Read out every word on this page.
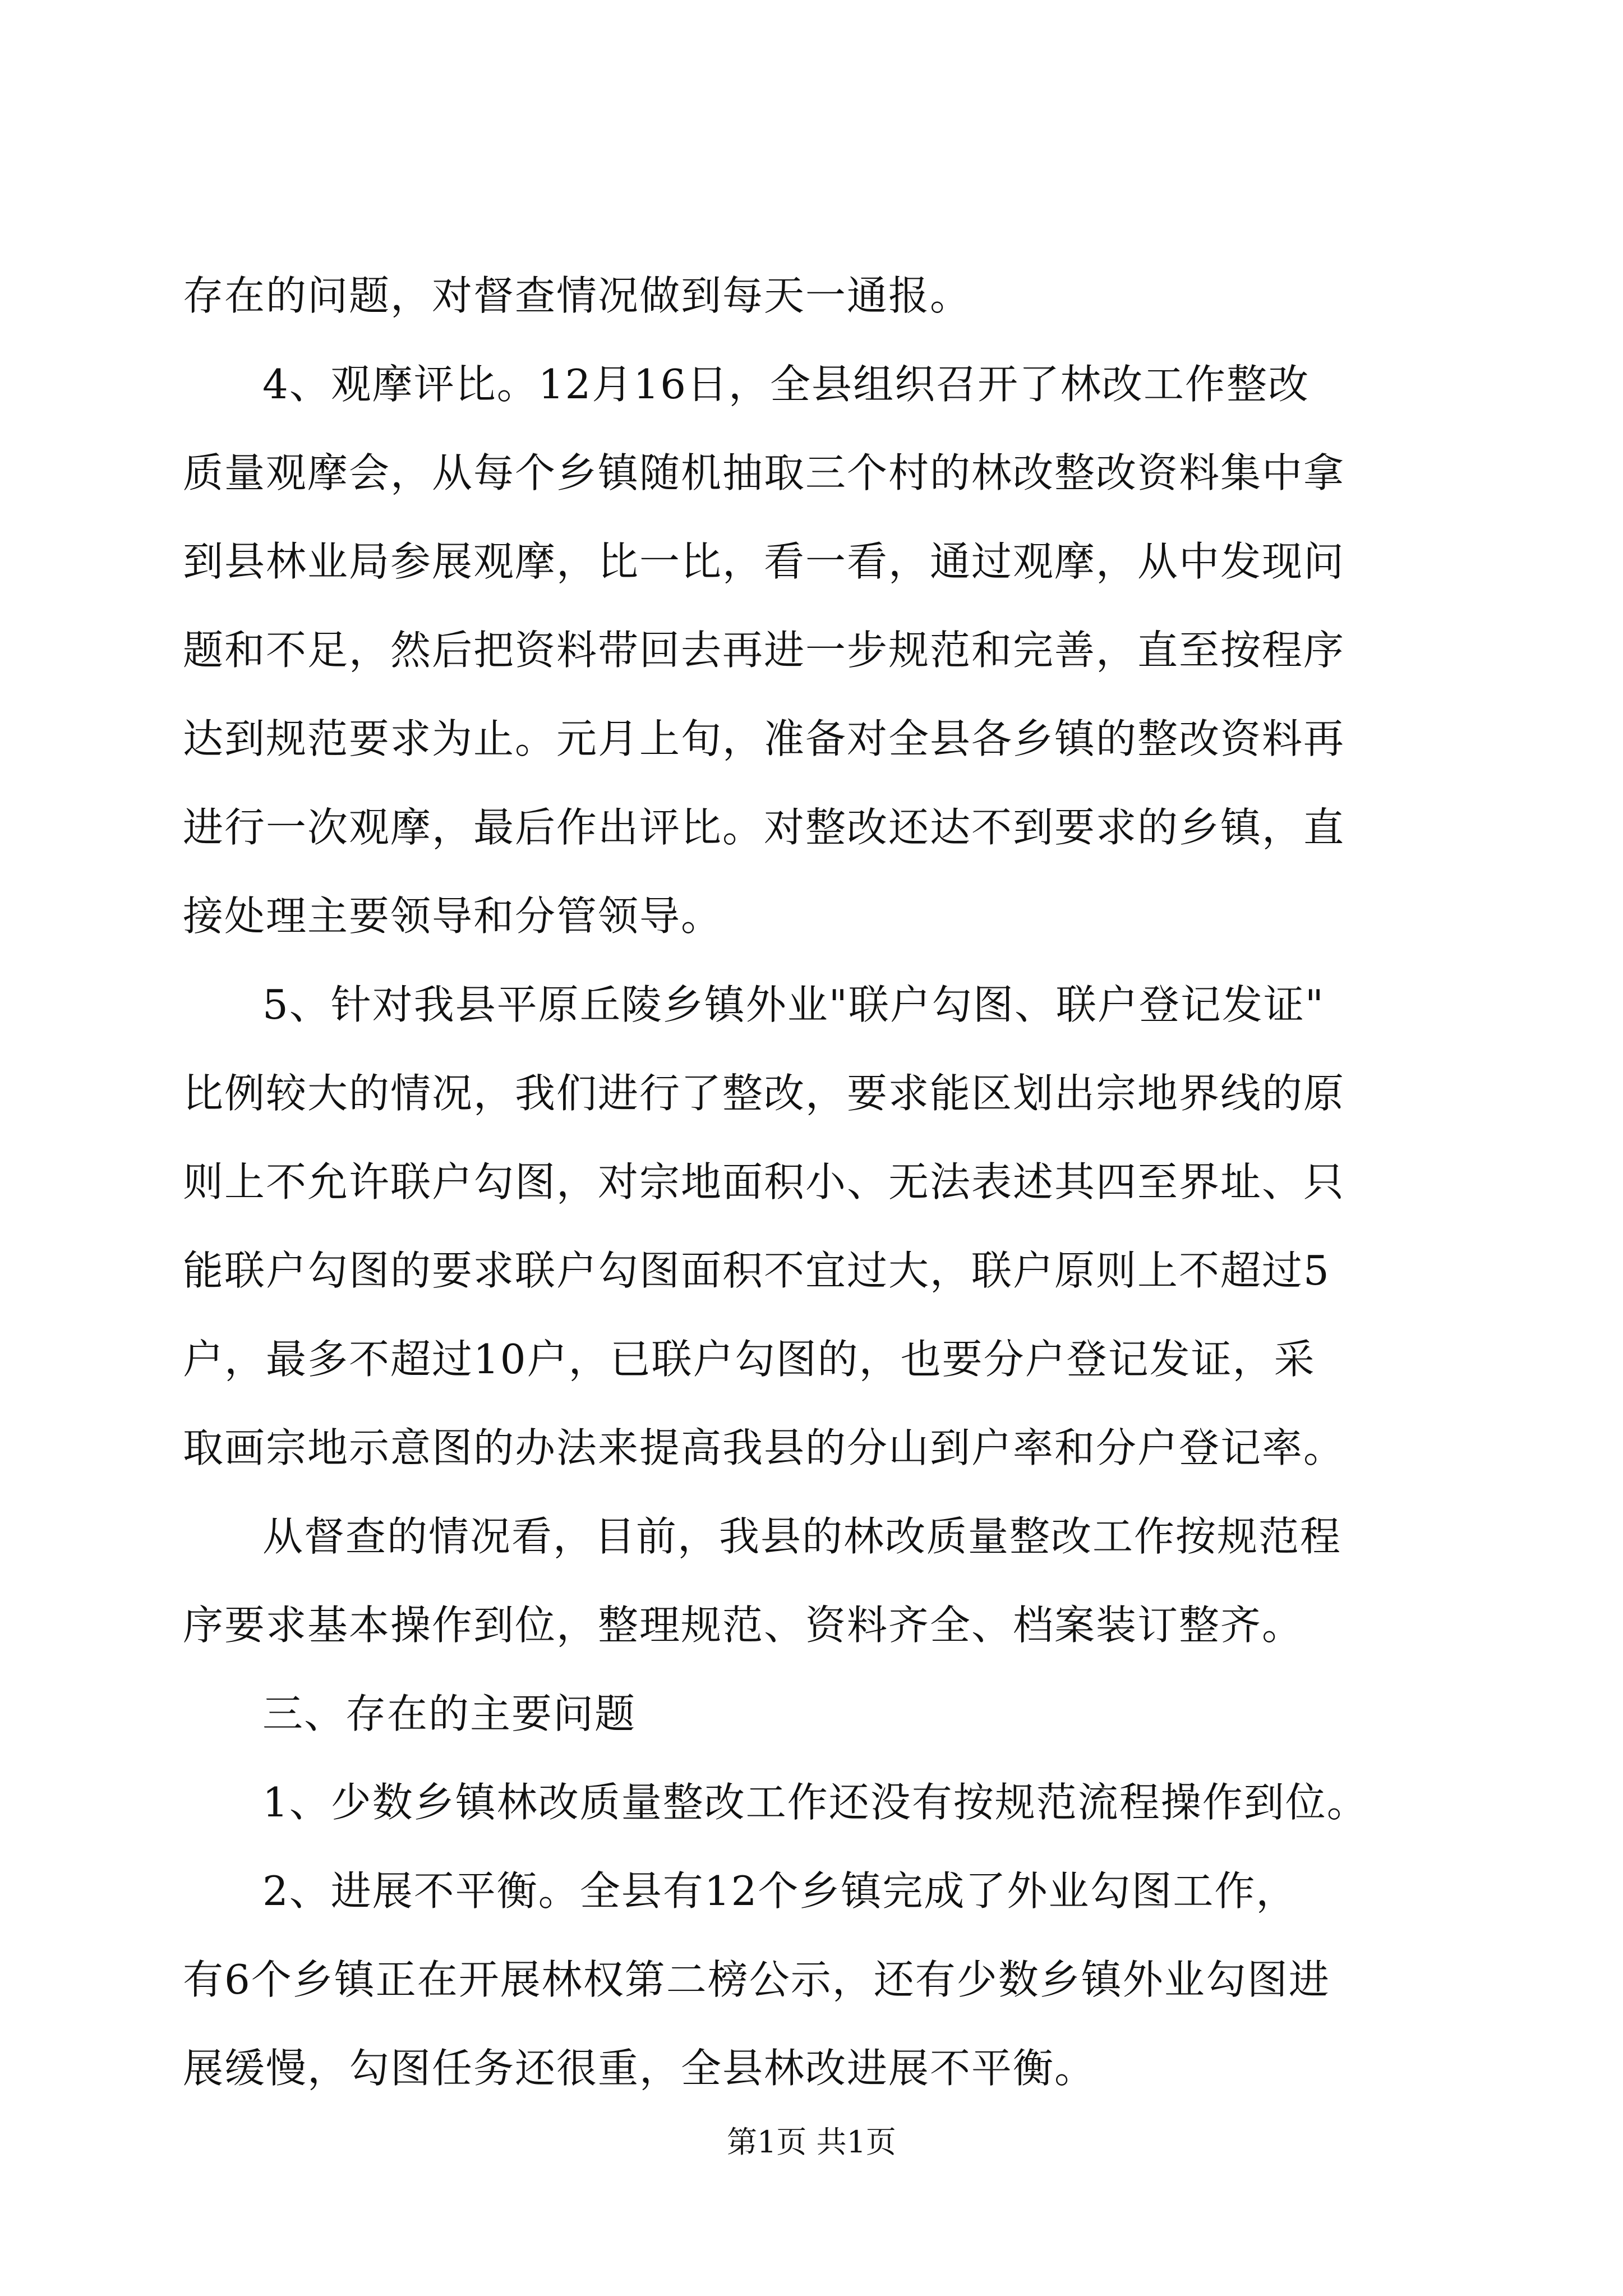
存在的问题，对督查情况做到每天一通报。
4、观摩评比。12月16日，全县组织召开了林改工作整改
质量观摩会，从每个乡镇随机抽取三个村的林改整改资料集中拿
到县林业局参展观摩，比一比，看一看，通过观摩，从中发现问
题和不足，然后把资料带回去再进一步规范和完善，直至按程序
达到规范要求为止。元月上旬，准备对全县各乡镇的整改资料再
进行一次观摩，最后作出评比。对整改还达不到要求的乡镇，直
接处理主要领导和分管领导。
5、针对我县平原丘陵乡镇外业"联户勾图、联户登记发证"
比例较大的情况，我们进行了整改，要求能区划出宗地界线的原
则上不允许联户勾图，对宗地面积小、无法表述其四至界址、只
能联户勾图的要求联户勾图面积不宜过大，联户原则上不超过5
户，最多不超过10户，已联户勾图的，也要分户登记发证，采
取画宗地示意图的办法来提高我县的分山到户率和分户登记率。
从督查的情况看，目前，我县的林改质量整改工作按规范程
序要求基本操作到位，整理规范、资料齐全、档案装订整齐。
三、存在的主要问题
1、少数乡镇林改质量整改工作还没有按规范流程操作到位。
2、进展不平衡。全县有12个乡镇完成了外业勾图工作，
有6个乡镇正在开展林权第二榜公示，还有少数乡镇外业勾图进
展缓慢，勾图任务还很重，全县林改进展不平衡。
第1页 共1页
